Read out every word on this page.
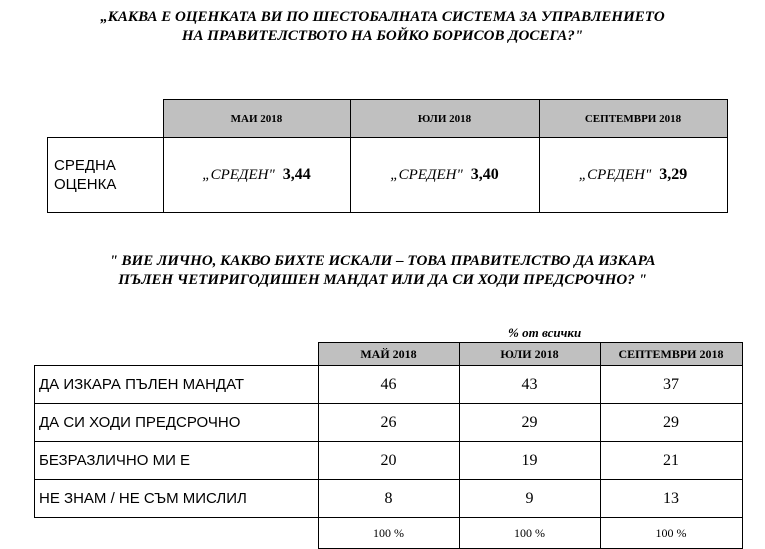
„КАКВА Е ОЦЕНКАТА ВИ ПО ШЕСТОБАЛНАТА СИСТЕМА ЗА УПРАВЛЕНИЕТО
НА ПРАВИТЕЛСТВОТО НА БОЙКО БОРИСОВ ДОСЕГА?"
	МАИ 2018	ЮЛИ 2018	СЕПТЕМВРИ 2018

СРЕДНА
ОЦЕНКА	„СРЕДЕН" 3,44	„СРЕДЕН" 3,40	„СРЕДЕН" 3,29
" ВИЕ ЛИЧНО, КАКВО БИХТЕ ИСКАЛИ – ТОВА ПРАВИТЕЛСТВО ДА ИЗКАРА
ПЪЛЕН ЧЕТИРИГОДИШЕН МАНДАТ ИЛИ ДА СИ ХОДИ ПРЕДСРОЧНО? "
% от всички
	МАЙ 2018	ЮЛИ 2018	СЕПТЕМВРИ 2018
ДА ИЗКАРА ПЪЛЕН МАНДАТ	46	43	37
ДА СИ ХОДИ ПРЕДСРОЧНО	26	29	29
БЕЗРАЗЛИЧНО МИ Е	20	19	21
НЕ ЗНАМ / НЕ СЪМ МИСЛИЛ	8	9	13
	100 %	100 %	100 %
